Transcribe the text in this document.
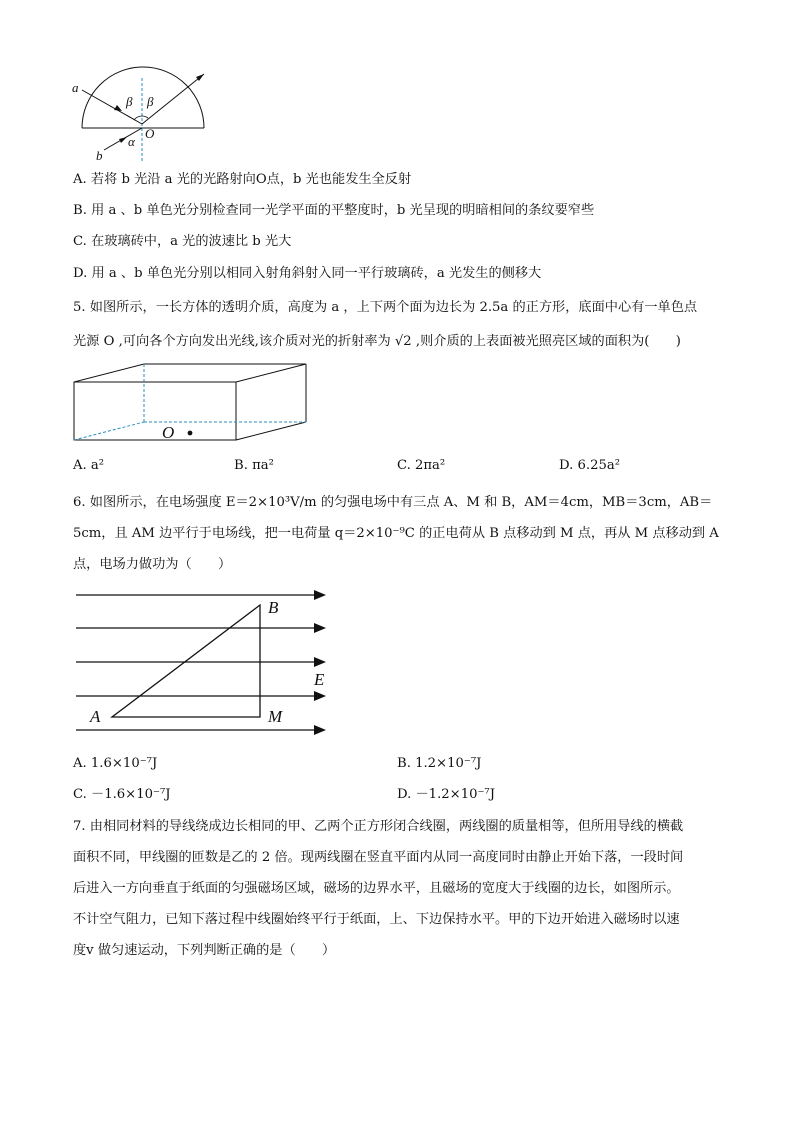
a
β β
O
α
b
A. 若将 b 光沿 a 光的光路射向O点，b 光也能发生全反射
B. 用 a 、b 单色光分别检查同一光学平面的平整度时，b 光呈现的明暗相间的条纹要窄些
C. 在玻璃砖中，a 光的波速比 b 光大
D. 用 a 、b 单色光分别以相同入射角斜射入同一平行玻璃砖，a 光发生的侧移大
5. 如图所示，一长方体的透明介质，高度为 a ，上下两个面为边长为 2.5a 的正方形，底面中心有一单色点
光源 O ,可向各个方向发出光线,该介质对光的折射率为 √2 ,则介质的上表面被光照亮区域的面积为(　　)
O
A. a²	B. πa²	C. 2πa²	D. 6.25a²
6. 如图所示，在电场强度 E＝2×10³V/m 的匀强电场中有三点 A、M 和 B，AM＝4cm，MB＝3cm，AB＝
5cm，且 AM 边平行于电场线，把一电荷量 q＝2×10⁻⁹C 的正电荷从 B 点移动到 M 点，再从 M 点移动到 A
点，电场力做功为（　　）
B
E
A	M
A. 1.6×10⁻⁷J	B. 1.2×10⁻⁷J
C. －1.6×10⁻⁷J	D. －1.2×10⁻⁷J
7. 由相同材料的导线绕成边长相同的甲、乙两个正方形闭合线圈，两线圈的质量相等，但所用导线的横截
面积不同，甲线圈的匝数是乙的 2 倍。现两线圈在竖直平面内从同一高度同时由静止开始下落，一段时间
后进入一方向垂直于纸面的匀强磁场区域，磁场的边界水平，且磁场的宽度大于线圈的边长，如图所示。
不计空气阻力，已知下落过程中线圈始终平行于纸面，上、下边保持水平。甲的下边开始进入磁场时以速
度v 做匀速运动，下列判断正确的是（　　）
